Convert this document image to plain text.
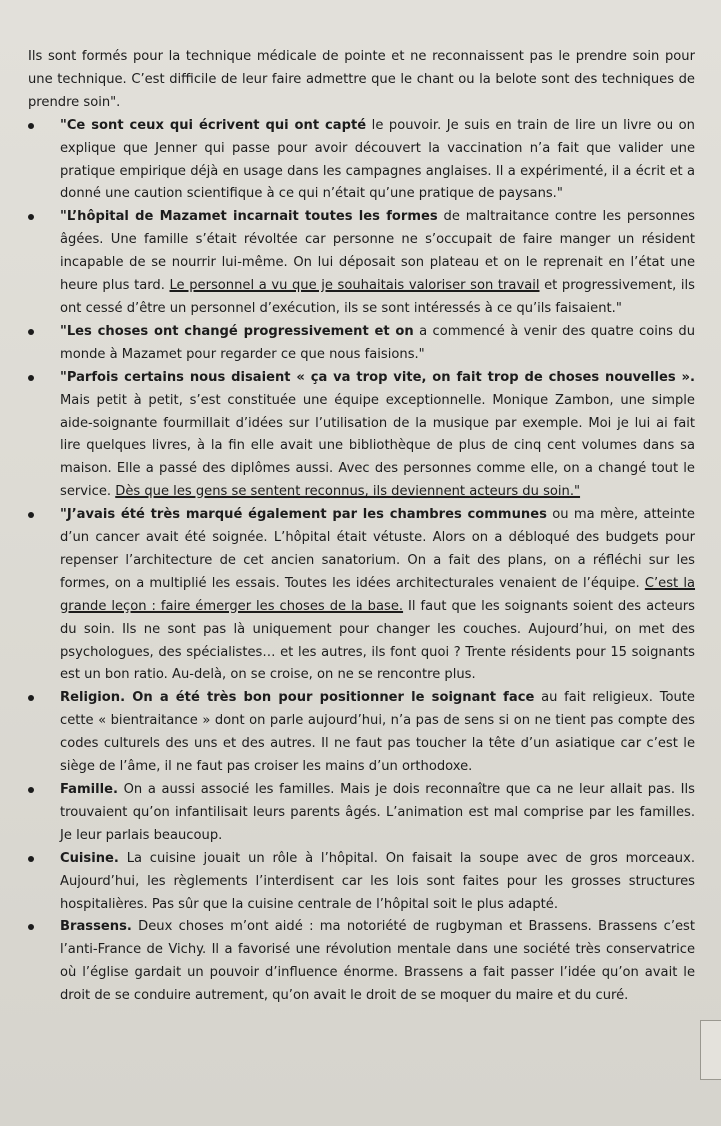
Ils sont formés pour la technique médicale de pointe et ne reconnaissent pas le prendre soin pour une technique. C’est difficile de leur faire admettre que le chant ou la belote sont des techniques de prendre soin".
"Ce sont ceux qui écrivent qui ont capté le pouvoir. Je suis en train de lire un livre ou on explique que Jenner qui passe pour avoir découvert la vaccination n’a fait que valider une pratique empirique déjà en usage dans les campagnes anglaises. Il a expérimenté, il a écrit et a donné une caution scientifique à ce qui n’était qu’une pratique de paysans."
"L’hôpital de Mazamet incarnait toutes les formes de maltraitance contre les personnes âgées. Une famille s’était révoltée car personne ne s’occupait de faire manger un résident incapable de se nourrir lui-même. On lui déposait son plateau et on le reprenait en l’état une heure plus tard. Le personnel a vu que je souhaitais valoriser son travail et progressivement, ils ont cessé d’être un personnel d’exécution, ils se sont intéressés à ce qu’ils faisaient."
"Les choses ont changé progressivement et on a commencé à venir des quatre coins du monde à Mazamet pour regarder ce que nous faisions."
"Parfois certains nous disaient « ça va trop vite, on fait trop de choses nouvelles ». Mais petit à petit, s’est constituée une équipe exceptionnelle. Monique Zambon, une simple aide-soignante fourmillait d’idées sur l’utilisation de la musique par exemple. Moi je lui ai fait lire quelques livres, à la fin elle avait une bibliothèque de plus de cinq cent volumes dans sa maison. Elle a passé des diplômes aussi. Avec des personnes comme elle, on a changé tout le service. Dès que les gens se sentent reconnus, ils deviennent acteurs du soin."
"J’avais été très marqué également par les chambres communes ou ma mère, atteinte d’un cancer avait été soignée. L’hôpital était vétuste. Alors on a débloqué des budgets pour repenser l’architecture de cet ancien sanatorium. On a fait des plans, on a réfléchi sur les formes, on a multiplié les essais. Toutes les idées architecturales venaient de l’équipe. C’est la grande leçon : faire émerger les choses de la base. Il faut que les soignants soient des acteurs du soin. Ils ne sont pas là uniquement pour changer les couches. Aujourd’hui, on met des psychologues, des spécialistes… et les autres, ils font quoi ? Trente résidents pour 15 soignants est un bon ratio. Au-delà, on se croise, on ne se rencontre plus.
Religion. On a été très bon pour positionner le soignant face au fait religieux. Toute cette « bientraitance » dont on parle aujourd’hui, n’a pas de sens si on ne tient pas compte des codes culturels des uns et des autres. Il ne faut pas toucher la tête d’un asiatique car c’est le siège de l’âme, il ne faut pas croiser les mains d’un orthodoxe.
Famille. On a aussi associé les familles. Mais je dois reconnaître que ca ne leur allait pas. Ils trouvaient qu’on infantilisait leurs parents âgés. L’animation est mal comprise par les familles. Je leur parlais beaucoup.
Cuisine. La cuisine jouait un rôle à l’hôpital. On faisait la soupe avec de gros morceaux. Aujourd’hui, les règlements l’interdisent car les lois sont faites pour les grosses structures hospitalières. Pas sûr que la cuisine centrale de l’hôpital soit le plus adapté.
Brassens. Deux choses m’ont aidé : ma notoriété de rugbyman et Brassens. Brassens c’est l’anti-France de Vichy. Il a favorisé une révolution mentale dans une société très conservatrice où l’église gardait un pouvoir d’influence énorme. Brassens a fait passer l’idée qu’on avait le droit de se conduire autrement, qu’on avait le droit de se moquer du maire et du curé.
